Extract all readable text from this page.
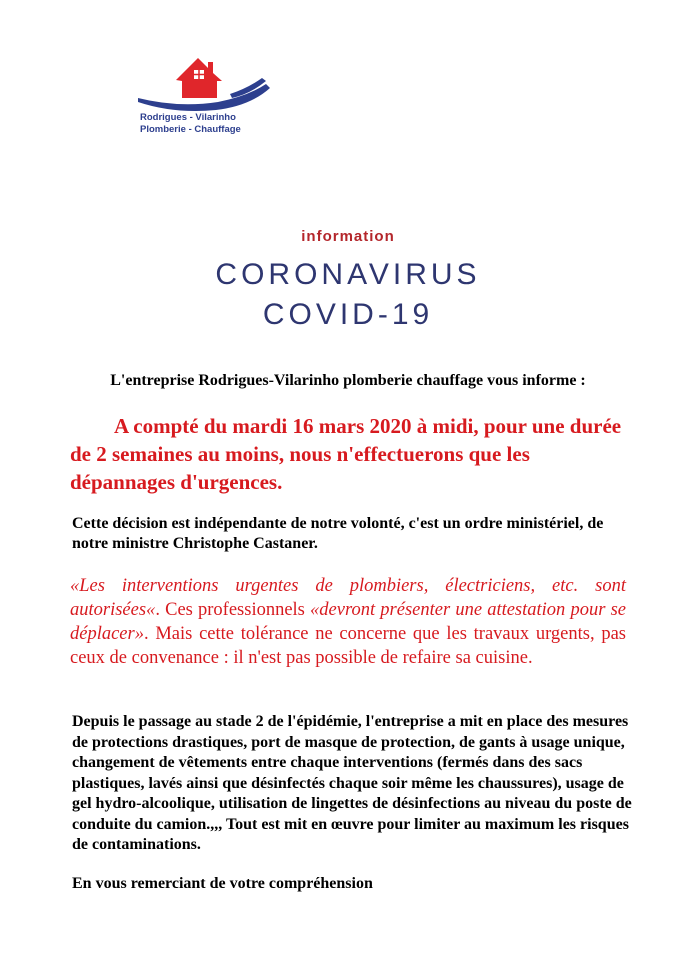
Rodrigues - Vilarinho
Plomberie - Chauffage
information
CORONAVIRUS
COVID-19
L'entreprise Rodrigues-Vilarinho plomberie chauffage vous informe :
A compté du mardi 16 mars 2020 à midi, pour une durée de 2 semaines au moins, nous n'effectuerons que les dépannages d'urgences.
Cette décision est indépendante de notre volonté, c'est un ordre ministériel, de notre ministre Christophe Castaner.
«Les interventions urgentes de plombiers, électriciens, etc. sont autorisées«. Ces professionnels «devront présenter une attestation pour se déplacer». Mais cette tolérance ne concerne que les travaux urgents, pas ceux de convenance : il n'est pas possible de refaire sa cuisine.
Depuis le passage au stade 2 de l'épidémie, l'entreprise a mit en place des mesures de protections drastiques, port de masque de protection, de gants à usage unique, changement de vêtements entre chaque interventions (fermés dans des sacs plastiques, lavés ainsi que désinfectés chaque soir même les chaussures), usage de gel hydro-alcoolique, utilisation de lingettes de désinfections au niveau du poste de conduite du camion.,,, Tout est mit en œuvre pour limiter au maximum les risques de contaminations.
En vous remerciant de votre compréhension
